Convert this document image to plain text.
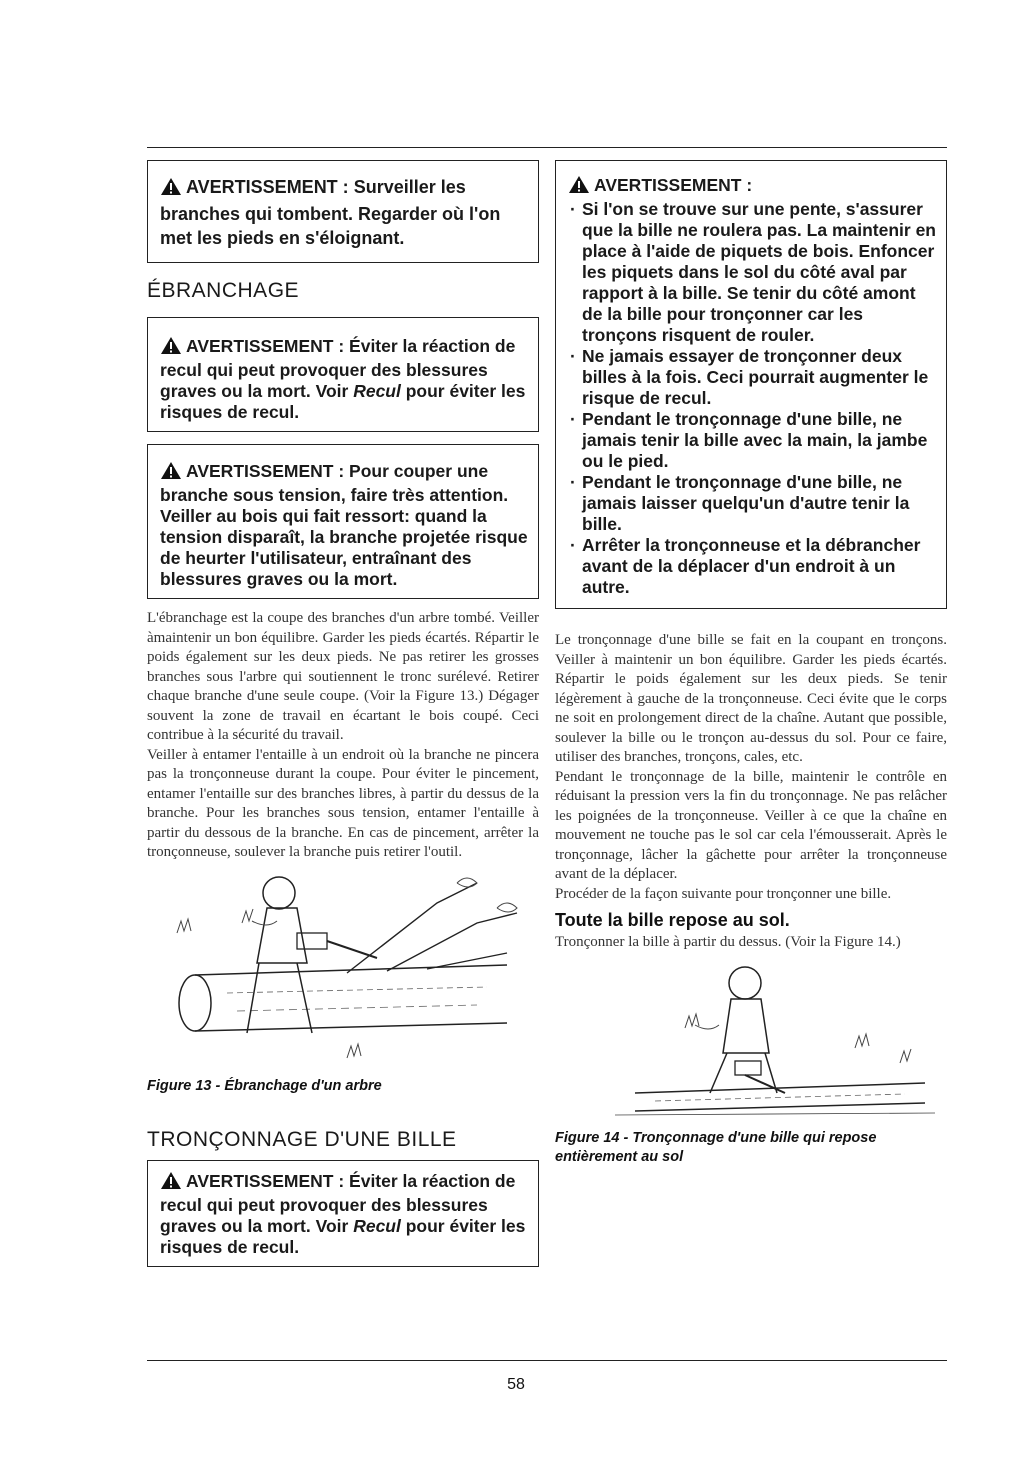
AVERTISSEMENT : Surveiller les branches qui tombent. Regarder où l'on met les pieds en s'éloignant.
ÉBRANCHAGE
AVERTISSEMENT : Éviter la réaction de recul qui peut provoquer des blessures graves ou la mort. Voir Recul pour éviter les risques de recul.
AVERTISSEMENT : Pour couper une branche sous tension, faire très attention. Veiller au bois qui fait ressort: quand la tension disparaît, la branche projetée risque de heurter l'utilisateur, entraînant des blessures graves ou la mort.

L'ébranchage est la coupe des branches d'un arbre tombé. Veiller àmaintenir un bon équilibre. Garder les pieds écartés. Répartir le poids également sur les deux pieds. Ne pas retirer les grosses branches sous l'arbre qui soutiennent le tronc surélevé. Retirer chaque branche d'une seule coupe. (Voir la Figure 13.) Dégager souvent la zone de travail en écartant le bois coupé. Ceci contribue à la sécurité du travail.

Veiller à entamer l'entaille à un endroit où la branche ne pincera pas la tronçonneuse durant la coupe. Pour éviter le pincement, entamer l'entaille sur des branches libres, à partir du dessus de la branche. Pour les branches sous tension, entamer l'entaille à partir du dessous de la branche. En cas de pincement, arrêter la tronçonneuse, soulever la branche puis retirer l'outil.

Figure 13 - Ébranchage d'un arbre
TRONÇONNAGE D'UNE BILLE
AVERTISSEMENT : Éviter la réaction de recul qui peut provoquer des blessures graves ou la mort. Voir Recul pour éviter les risques de recul.
AVERTISSEMENT :
· Si l'on se trouve sur une pente, s'assurer que la bille ne roulera pas. La maintenir en place à l'aide de piquets de bois. Enfoncer les piquets dans le sol du côté aval par rapport à la bille. Se tenir du côté amont de la bille pour tronçonner car les tronçons risquent de rouler.
· Ne jamais essayer de tronçonner deux billes à la fois. Ceci pourrait augmenter le risque de recul.
· Pendant le tronçonnage d'une bille, ne jamais tenir la bille avec la main, la jambe ou le pied.
· Pendant le tronçonnage d'une bille, ne jamais laisser quelqu'un d'autre tenir la bille.
· Arrêter la tronçonneuse et la débrancher avant de la déplacer d'un endroit à un autre.

Le tronçonnage d'une bille se fait en la coupant en tronçons. Veiller à maintenir un bon équilibre. Garder les pieds écartés. Répartir le poids également sur les deux pieds. Se tenir légèrement à gauche de la tronçonneuse. Ceci évite que le corps ne soit en prolongement direct de la chaîne. Autant que possible, soulever la bille ou le tronçon au-dessus du sol. Pour ce faire, utiliser des branches, tronçons, cales, etc.

Pendant le tronçonnage de la bille, maintenir le contrôle en réduisant la pression vers la fin du tronçonnage. Ne pas relâcher les poignées de la tronçonneuse. Veiller à ce que la chaîne en mouvement ne touche pas le sol car cela l'émousserait. Après le tronçonnage, lâcher la gâchette pour arrêter la tronçonneuse avant de la déplacer.

Procéder de la façon suivante pour tronçonner une bille.

Toute la bille repose au sol.

Tronçonner la bille à partir du dessus. (Voir la Figure 14.)

Figure 14 - Tronçonnage d'une bille qui repose entièrement au sol
58
